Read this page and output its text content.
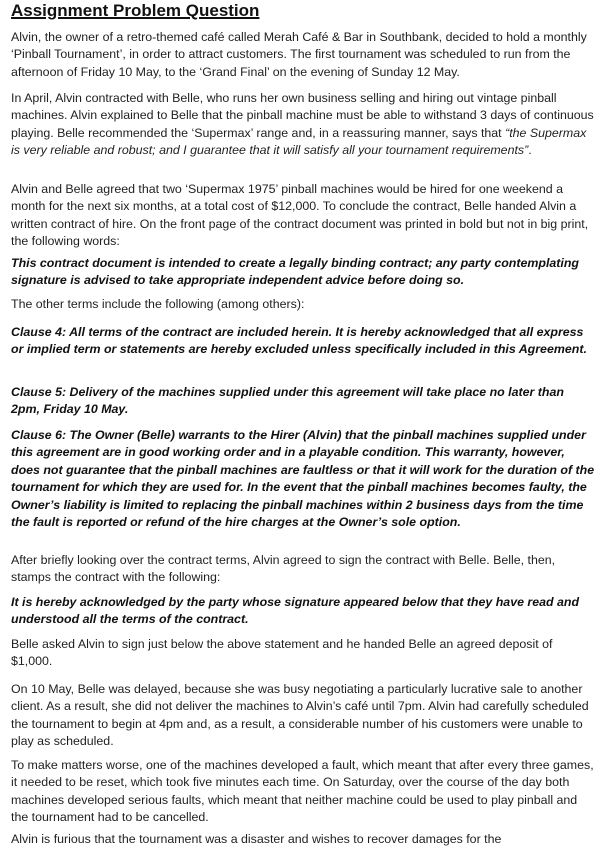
Assignment Problem Question

Alvin, the owner of a retro-themed café called Merah Café & Bar in Southbank, decided to hold a monthly ‘Pinball Tournament’, in order to attract customers. The first tournament was scheduled to run from the afternoon of Friday 10 May, to the ‘Grand Final’ on the evening of Sunday 12 May.

In April, Alvin contracted with Belle, who runs her own business selling and hiring out vintage pinball machines. Alvin explained to Belle that the pinball machine must be able to withstand 3 days of continuous playing. Belle recommended the ‘Supermax’ range and, in a reassuring manner, says that “the Supermax is very reliable and robust; and I guarantee that it will satisfy all your tournament requirements”.

Alvin and Belle agreed that two ‘Supermax 1975’ pinball machines would be hired for one weekend a month for the next six months, at a total cost of $12,000. To conclude the contract, Belle handed Alvin a written contract of hire. On the front page of the contract document was printed in bold but not in big print, the following words:

This contract document is intended to create a legally binding contract; any party contemplating signature is advised to take appropriate independent advice before doing so.

The other terms include the following (among others):

Clause 4: All terms of the contract are included herein. It is hereby acknowledged that all express or implied term or statements are hereby excluded unless specifically included in this Agreement.

Clause 5: Delivery of the machines supplied under this agreement will take place no later than 2pm, Friday 10 May.

Clause 6: The Owner (Belle) warrants to the Hirer (Alvin) that the pinball machines supplied under this agreement are in good working order and in a playable condition. This warranty, however, does not guarantee that the pinball machines are faultless or that it will work for the duration of the tournament for which they are used for. In the event that the pinball machines becomes faulty, the Owner’s liability is limited to replacing the pinball machines within 2 business days from the time the fault is reported or refund of the hire charges at the Owner’s sole option.

After briefly looking over the contract terms, Alvin agreed to sign the contract with Belle. Belle, then, stamps the contract with the following:

It is hereby acknowledged by the party whose signature appeared below that they have read and understood all the terms of the contract.

Belle asked Alvin to sign just below the above statement and he handed Belle an agreed deposit of $1,000.

On 10 May, Belle was delayed, because she was busy negotiating a particularly lucrative sale to another client. As a result, she did not deliver the machines to Alvin’s café until 7pm. Alvin had carefully scheduled the tournament to begin at 4pm and, as a result, a considerable number of his customers were unable to play as scheduled.

To make matters worse, one of the machines developed a fault, which meant that after every three games, it needed to be reset, which took five minutes each time. On Saturday, over the course of the day both machines developed serious faults, which meant that neither machine could be used to play pinball and the tournament had to be cancelled.

Alvin is furious that the tournament was a disaster and wishes to recover damages for the
